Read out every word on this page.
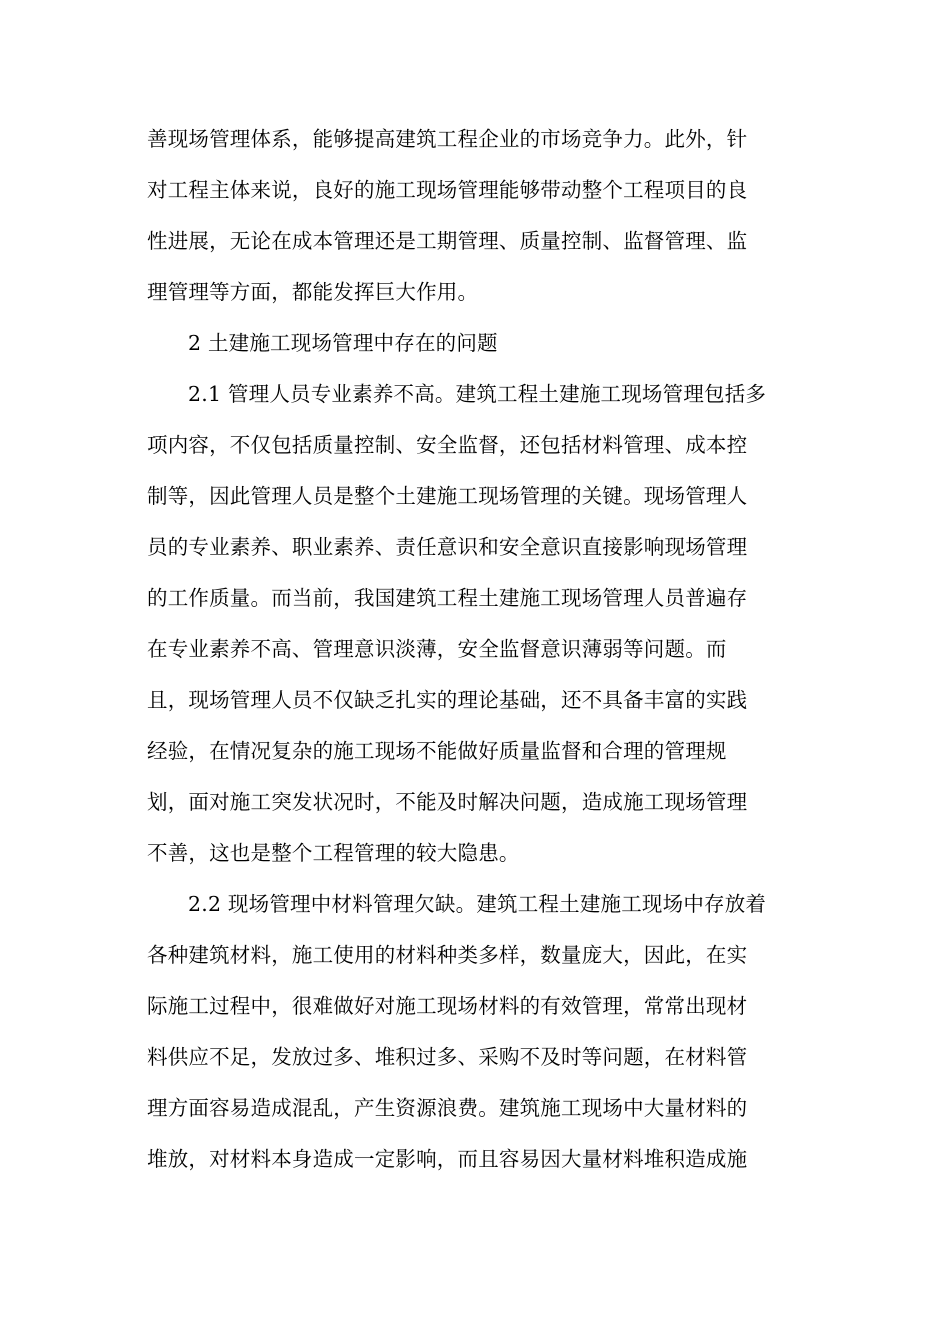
善现场管理体系，能够提高建筑工程企业的市场竞争力。此外，针
对工程主体来说，良好的施工现场管理能够带动整个工程项目的良
性进展，无论在成本管理还是工期管理、质量控制、监督管理、监
理管理等方面，都能发挥巨大作用。
2 土建施工现场管理中存在的问题
2.1 管理人员专业素养不高。建筑工程土建施工现场管理包括多
项内容，不仅包括质量控制、安全监督，还包括材料管理、成本控
制等，因此管理人员是整个土建施工现场管理的关键。现场管理人
员的专业素养、职业素养、责任意识和安全意识直接影响现场管理
的工作质量。而当前，我国建筑工程土建施工现场管理人员普遍存
在专业素养不高、管理意识淡薄，安全监督意识薄弱等问题。而
且，现场管理人员不仅缺乏扎实的理论基础，还不具备丰富的实践
经验，在情况复杂的施工现场不能做好质量监督和合理的管理规
划，面对施工突发状况时，不能及时解决问题，造成施工现场管理
不善，这也是整个工程管理的较大隐患。
2.2 现场管理中材料管理欠缺。建筑工程土建施工现场中存放着
各种建筑材料，施工使用的材料种类多样，数量庞大，因此，在实
际施工过程中，很难做好对施工现场材料的有效管理，常常出现材
料供应不足，发放过多、堆积过多、采购不及时等问题，在材料管
理方面容易造成混乱，产生资源浪费。建筑施工现场中大量材料的
堆放，对材料本身造成一定影响，而且容易因大量材料堆积造成施
